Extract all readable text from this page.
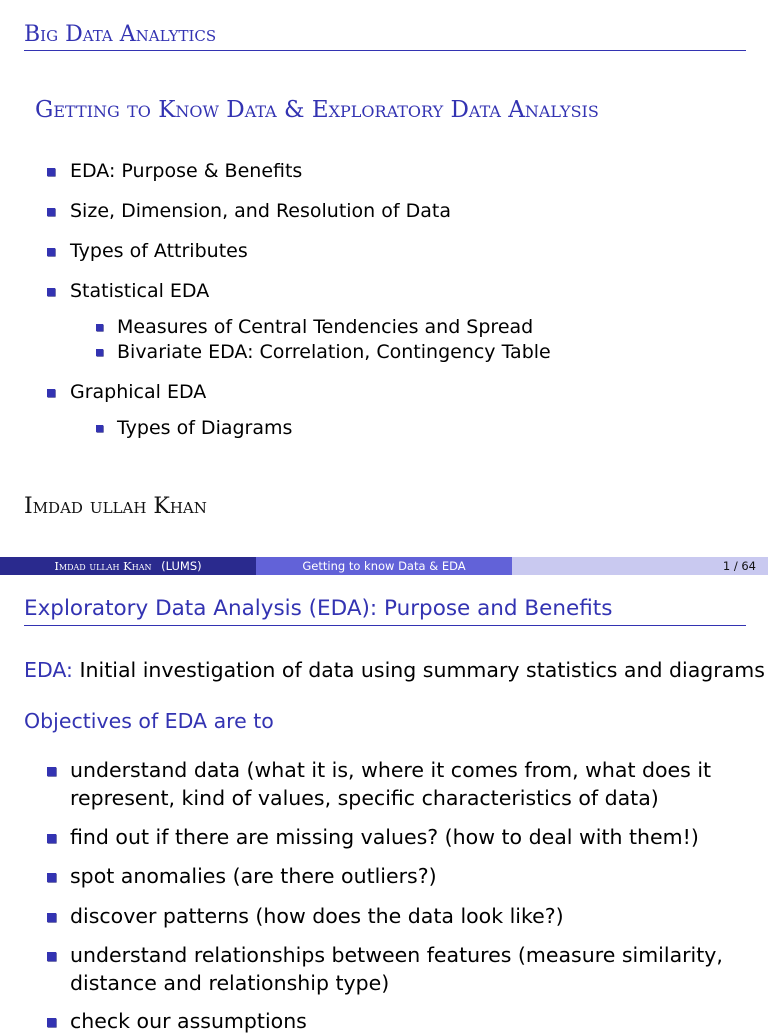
Big Data Analytics
Getting to Know Data & Exploratory Data Analysis
EDA: Purpose & Benefits
Size, Dimension, and Resolution of Data
Types of Attributes
Statistical EDA
Measures of Central Tendencies and Spread
Bivariate EDA: Correlation, Contingency Table
Graphical EDA
Types of Diagrams
Imdad ullah Khan
Imdad ullah Khan (LUMS)	Getting to know Data & EDA	1 / 64
Exploratory Data Analysis (EDA): Purpose and Benefits
EDA: Initial investigation of data using summary statistics and diagrams
Objectives of EDA are to
understand data (what it is, where it comes from, what does it
represent, kind of values, specific characteristics of data)
find out if there are missing values? (how to deal with them!)
spot anomalies (are there outliers?)
discover patterns (how does the data look like?)
understand relationships between features (measure similarity,
distance and relationship type)
check our assumptions
